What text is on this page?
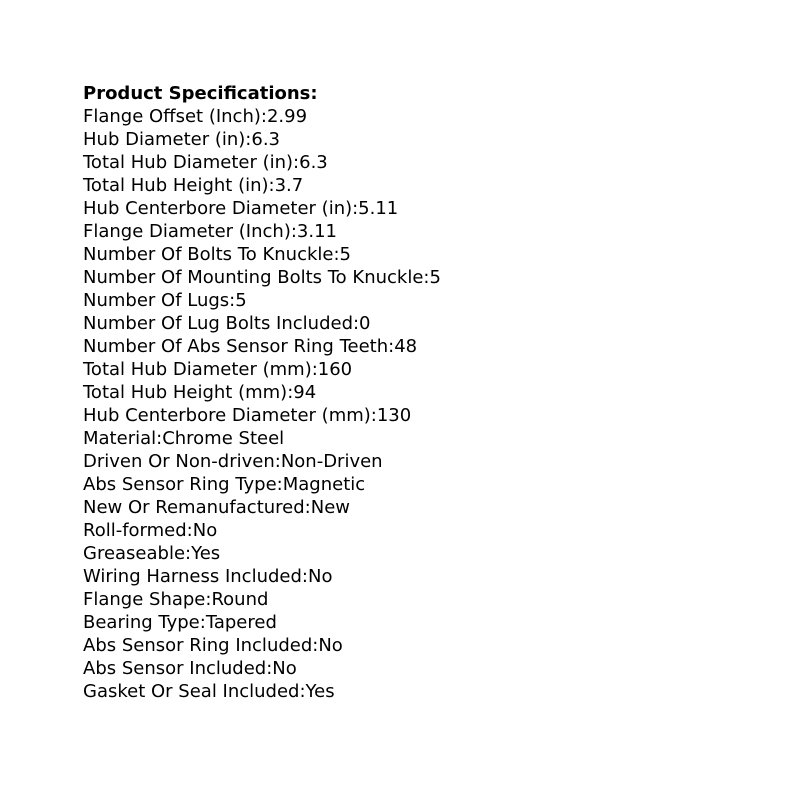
Product Specifications:
Flange Offset (Inch):2.99
Hub Diameter (in):6.3
Total Hub Diameter (in):6.3
Total Hub Height (in):3.7
Hub Centerbore Diameter (in):5.11
Flange Diameter (Inch):3.11
Number Of Bolts To Knuckle:5
Number Of Mounting Bolts To Knuckle:5
Number Of Lugs:5
Number Of Lug Bolts Included:0
Number Of Abs Sensor Ring Teeth:48
Total Hub Diameter (mm):160
Total Hub Height (mm):94
Hub Centerbore Diameter (mm):130
Material:Chrome Steel
Driven Or Non-driven:Non-Driven
Abs Sensor Ring Type:Magnetic
New Or Remanufactured:New
Roll-formed:No
Greaseable:Yes
Wiring Harness Included:No
Flange Shape:Round
Bearing Type:Tapered
Abs Sensor Ring Included:No
Abs Sensor Included:No
Gasket Or Seal Included:Yes
